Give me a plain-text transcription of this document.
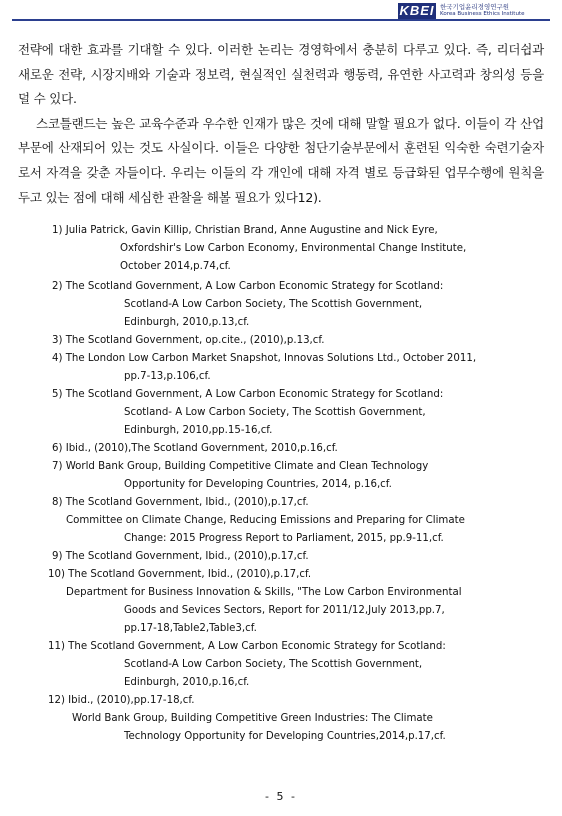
KBEI 한국기업윤리경영연구원
Korea Business Ethics Institute

전략에 대한 효과를 기대할 수 있다. 이러한 논리는 경영학에서 충분히 다루고 있다. 즉, 리더쉽과 새로운 전략, 시장지배와 기술과 정보력, 현실적인 실천력과 행동력, 유연한 사고력과 창의성 등을 덜 수 있다.

스코틀랜드는 높은 교육수준과 우수한 인재가 많은 것에 대해 말할 필요가 없다. 이들이 각 산업부문에 산재되어 있는 것도 사실이다. 이들은 다양한 첨단기술부문에서 훈련된 익숙한 숙련기술자로서 자격을 갖춘 자들이다. 우리는 이들의 각 개인에 대해 자격 별로 등급화된 업무수행에 원칙을 두고 있는 점에 대해 세심한 관찰을 해볼 필요가 있다12).

1) Julia Patrick, Gavin Killip, Christian Brand, Anne Augustine and Nick Eyre,
Oxfordshir's Low Carbon Economy, Environmental Change Institute,
October 2014,p.74,cf.
2) The Scotland Government, A Low Carbon Economic Strategy for Scotland:
Scotland-A Low Carbon Society, The Scottish Government,
Edinburgh, 2010,p.13,cf.
3) The Scotland Government, op.cite., (2010),p.13,cf.
4) The London Low Carbon Market Snapshot, Innovas Solutions Ltd., October 2011,
pp.7-13,p.106,cf.
5) The Scotland Government, A Low Carbon Economic Strategy for Scotland:
Scotland- A Low Carbon Society, The Scottish Government,
Edinburgh, 2010,pp.15-16,cf.
6) Ibid., (2010),The Scotland Government, 2010,p.16,cf.
7) World Bank Group, Building Competitive Climate and Clean Technology
Opportunity for Developing Countries, 2014, p.16,cf.
8) The Scotland Government, Ibid., (2010),p.17,cf.
Committee on Climate Change, Reducing Emissions and Preparing for Climate
Change: 2015 Progress Report to Parliament, 2015, pp.9-11,cf.
9) The Scotland Government, Ibid., (2010),p.17,cf.
10) The Scotland Government, Ibid., (2010),p.17,cf.
Department for Business Innovation & Skills, "The Low Carbon Environmental
Goods and Sevices Sectors, Report for 2011/12,July 2013,pp.7,
pp.17-18,Table2,Table3,cf.
11) The Scotland Government, A Low Carbon Economic Strategy for Scotland:
Scotland-A Low Carbon Society, The Scottish Government,
Edinburgh, 2010,p.16,cf.
12) Ibid., (2010),pp.17-18,cf.
World Bank Group, Building Competitive Green Industries: The Climate
Technology Opportunity for Developing Countries,2014,p.17,cf.
- 5 -
